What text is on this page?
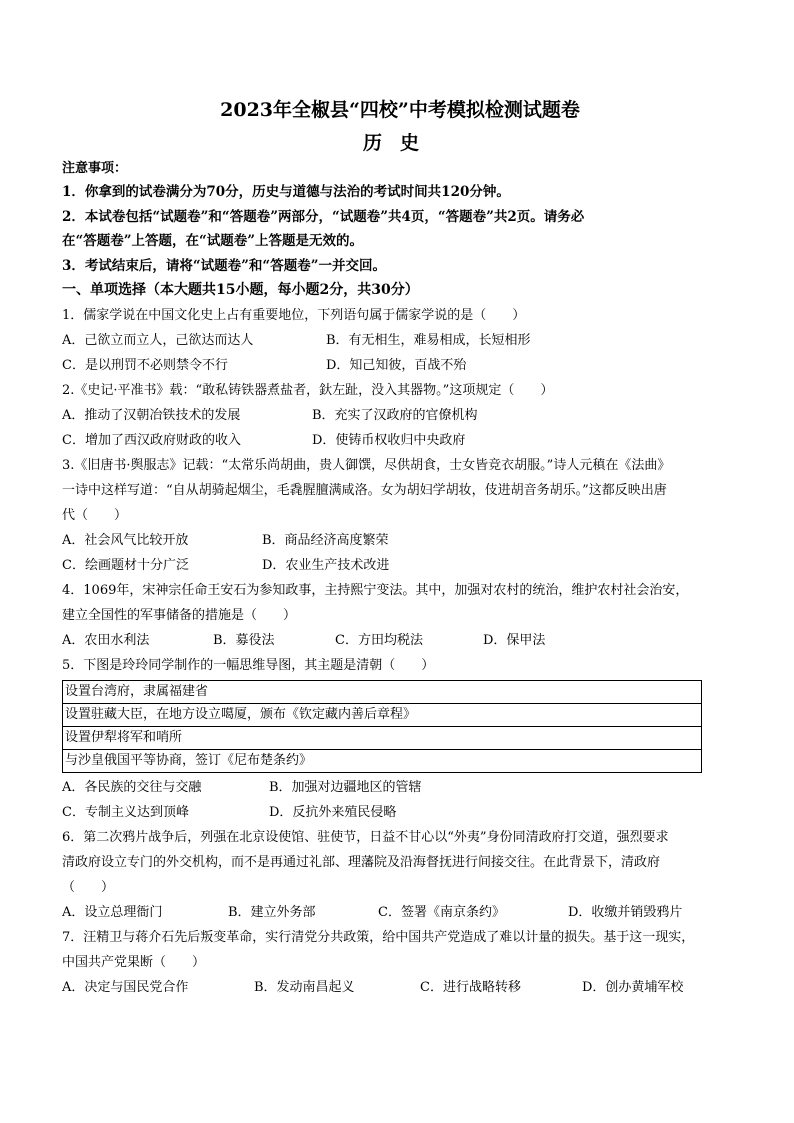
2023年全椒县“四校”中考模拟检测试题卷
历史
注意事项：
1．你拿到的试卷满分为70分，历史与道德与法治的考试时间共120分钟。
2．本试卷包括“试题卷”和“答题卷”两部分，“试题卷”共4页，“答题卷”共2页。请务必
在“答题卷”上答题，在“试题卷”上答题是无效的。
3．考试结束后，请将“试题卷”和“答题卷”一并交回。
一、单项选择（本大题共15小题，每小题2分，共30分）
1．儒家学说在中国文化史上占有重要地位，下列语句属于儒家学说的是（　　）
A．己欲立而立人，己欲达而达人	B．有无相生，难易相成，长短相形
C．是以刑罚不必则禁令不行	D．知己知彼，百战不殆
2.《史记·平准书》载：“敢私铸铁器煮盐者，釱左趾，没入其器物。”这项规定（　　）
A．推动了汉朝冶铁技术的发展	B．充实了汉政府的官僚机构
C．增加了西汉政府财政的收入	D．使铸币权收归中央政府
3.《旧唐书·舆服志》记载：“太常乐尚胡曲，贵人御馔，尽供胡食，士女皆竞衣胡服。”诗人元稹在《法曲》
一诗中这样写道：“自从胡骑起烟尘，毛毳腥膻满咸洛。女为胡妇学胡妆，伎进胡音务胡乐。”这都反映出唐
代（　　）
A．社会风气比较开放	B．商品经济高度繁荣
C．绘画题材十分广泛	D．农业生产技术改进
4．1069年，宋神宗任命王安石为参知政事，主持熙宁变法。其中，加强对农村的统治，维护农村社会治安，
建立全国性的军事储备的措施是（　　）
A．农田水利法	B．募役法	C．方田均税法	D．保甲法
5．下图是玲玲同学制作的一幅思维导图，其主题是清朝（　　）
设置台湾府，隶属福建省
设置驻藏大臣，在地方设立噶厦，颁布《钦定藏内善后章程》
设置伊犁将军和哨所
与沙皇俄国平等协商，签订《尼布楚条约》
A．各民族的交往与交融	B．加强对边疆地区的管辖
C．专制主义达到顶峰	D．反抗外来殖民侵略
6．第二次鸦片战争后，列强在北京设使馆、驻使节，日益不甘心以“外夷”身份同清政府打交道，强烈要求
清政府设立专门的外交机构，而不是再通过礼部、理藩院及沿海督抚进行间接交往。在此背景下，清政府
（　　）
A．设立总理衙门	B．建立外务部	C．签署《南京条约》	D．收缴并销毁鸦片
7．汪精卫与蒋介石先后叛变革命，实行清党分共政策，给中国共产党造成了难以计量的损失。基于这一现实，
中国共产党果断（　　）
A．决定与国民党合作	B．发动南昌起义	C．进行战略转移	D．创办黄埔军校
